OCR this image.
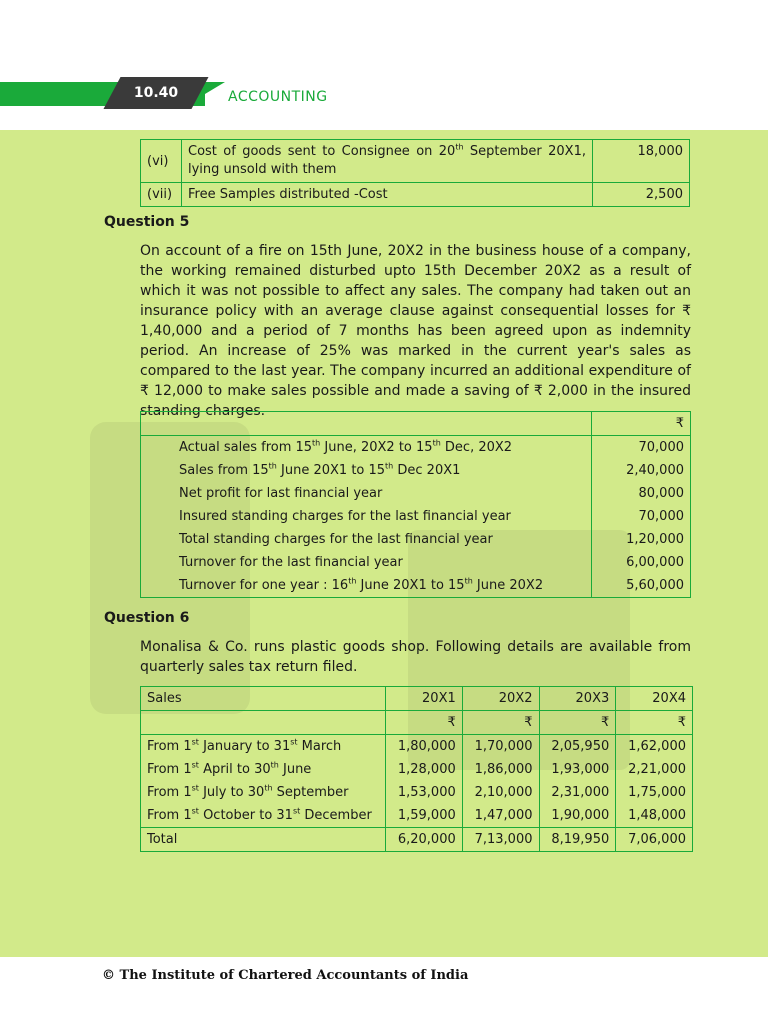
10.40	ACCOUNTING
(vi)	Cost of goods sent to Consignee on 20th September 20X1, lying unsold with them	18,000
(vii)	Free Samples distributed -Cost	2,500
Question 5
On account of a fire on 15th June, 20X2 in the business house of a company, the working remained disturbed upto 15th December 20X2 as a result of which it was not possible to affect any sales. The company had taken out an insurance policy with an average clause against consequential losses for ₹ 1,40,000 and a period of 7 months has been agreed upon as indemnity period. An increase of 25% was marked in the current year's sales as compared to the last year. The company incurred an additional expenditure of ₹ 12,000 to make sales possible and made a saving of ₹ 2,000 in the insured standing charges.
	₹
Actual sales from 15th June, 20X2 to 15th Dec, 20X2	70,000
Sales from 15th June 20X1 to 15th Dec 20X1	2,40,000
Net profit for last financial year	80,000
Insured standing charges for the last financial year	70,000
Total standing charges for the last financial year	1,20,000
Turnover for the last financial year	6,00,000
Turnover for one year : 16th June 20X1 to 15th June 20X2	5,60,000
Question 6
Monalisa & Co. runs plastic goods shop. Following details are available from quarterly sales tax return filed.
Sales	20X1	20X2	20X3	20X4
	₹	₹	₹	₹
From 1st January to 31st March	1,80,000	1,70,000	2,05,950	1,62,000
From 1st April to 30th June	1,28,000	1,86,000	1,93,000	2,21,000
From 1st July to 30th September	1,53,000	2,10,000	2,31,000	1,75,000
From 1st October to 31st December	1,59,000	1,47,000	1,90,000	1,48,000
Total	6,20,000	7,13,000	8,19,950	7,06,000
© The Institute of Chartered Accountants of India
